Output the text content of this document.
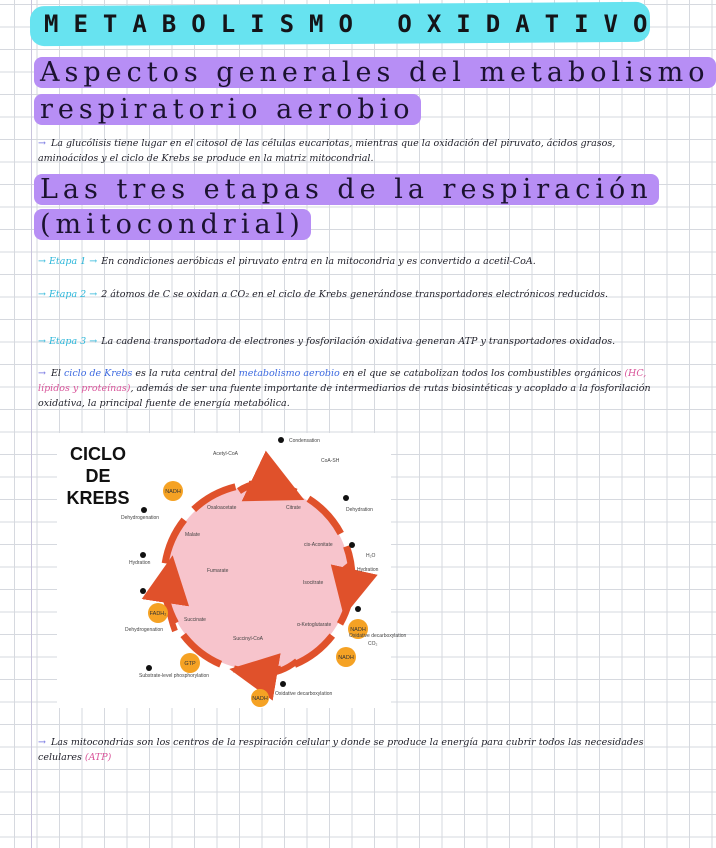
METABOLISMO OXIDATIVO
Aspectos generales del metabolismo
respiratorio aerobio
→ La glucólisis tiene lugar en el citosol de las células eucariotas, mientras que la oxidación del piruvato, ácidos grasos, aminoácidos y el ciclo de Krebs se produce en la matriz mitocondrial.
Las tres etapas de la respiración
(mitocondrial)
→ Etapa 1 → En condiciones aeróbicas el piruvato entra en la mitocondria y es convertido a acetil-CoA.
→ Etapa 2 → 2 átomos de C se oxidan a CO₂ en el ciclo de Krebs generándose transportadores electrónicos reducidos.
→ Etapa 3 → La cadena transportadora de electrones y fosforilación oxidativa generan ATP y transportadores oxidados.
→ El ciclo de Krebs es la ruta central del metabolismo aerobio en el que se catabolizan todos los combustibles orgánicos (HC, lípidos y proteínas), además de ser una fuente importante de intermediarios de rutas biosintéticas y acoplado a la fosforilación oxidativa, la principal fuente de energía metabólica.
NADH
NADH
NADH
FADH₂
GTP
NADH
Condensation
Acetyl-CoA
Oxaloacetate	Citrate	Dehydration
cis-Aconitate
Hydration
Isocitrate
Oxidative decarboxylation
α-Ketoglutarate
Oxidative decarboxylation
Succinyl-CoA
Substrate-level phosphorylation
Succinate
Dehydrogenation
Fumarate
Hydration
Malate
Dehydrogenation
CoA-SH
CO₂
H₂O
CICLO
DE
KREBS
→ Las mitocondrias son los centros de la respiración celular y donde se produce la energía para cubrir todos las necesidades celulares (ATP)
